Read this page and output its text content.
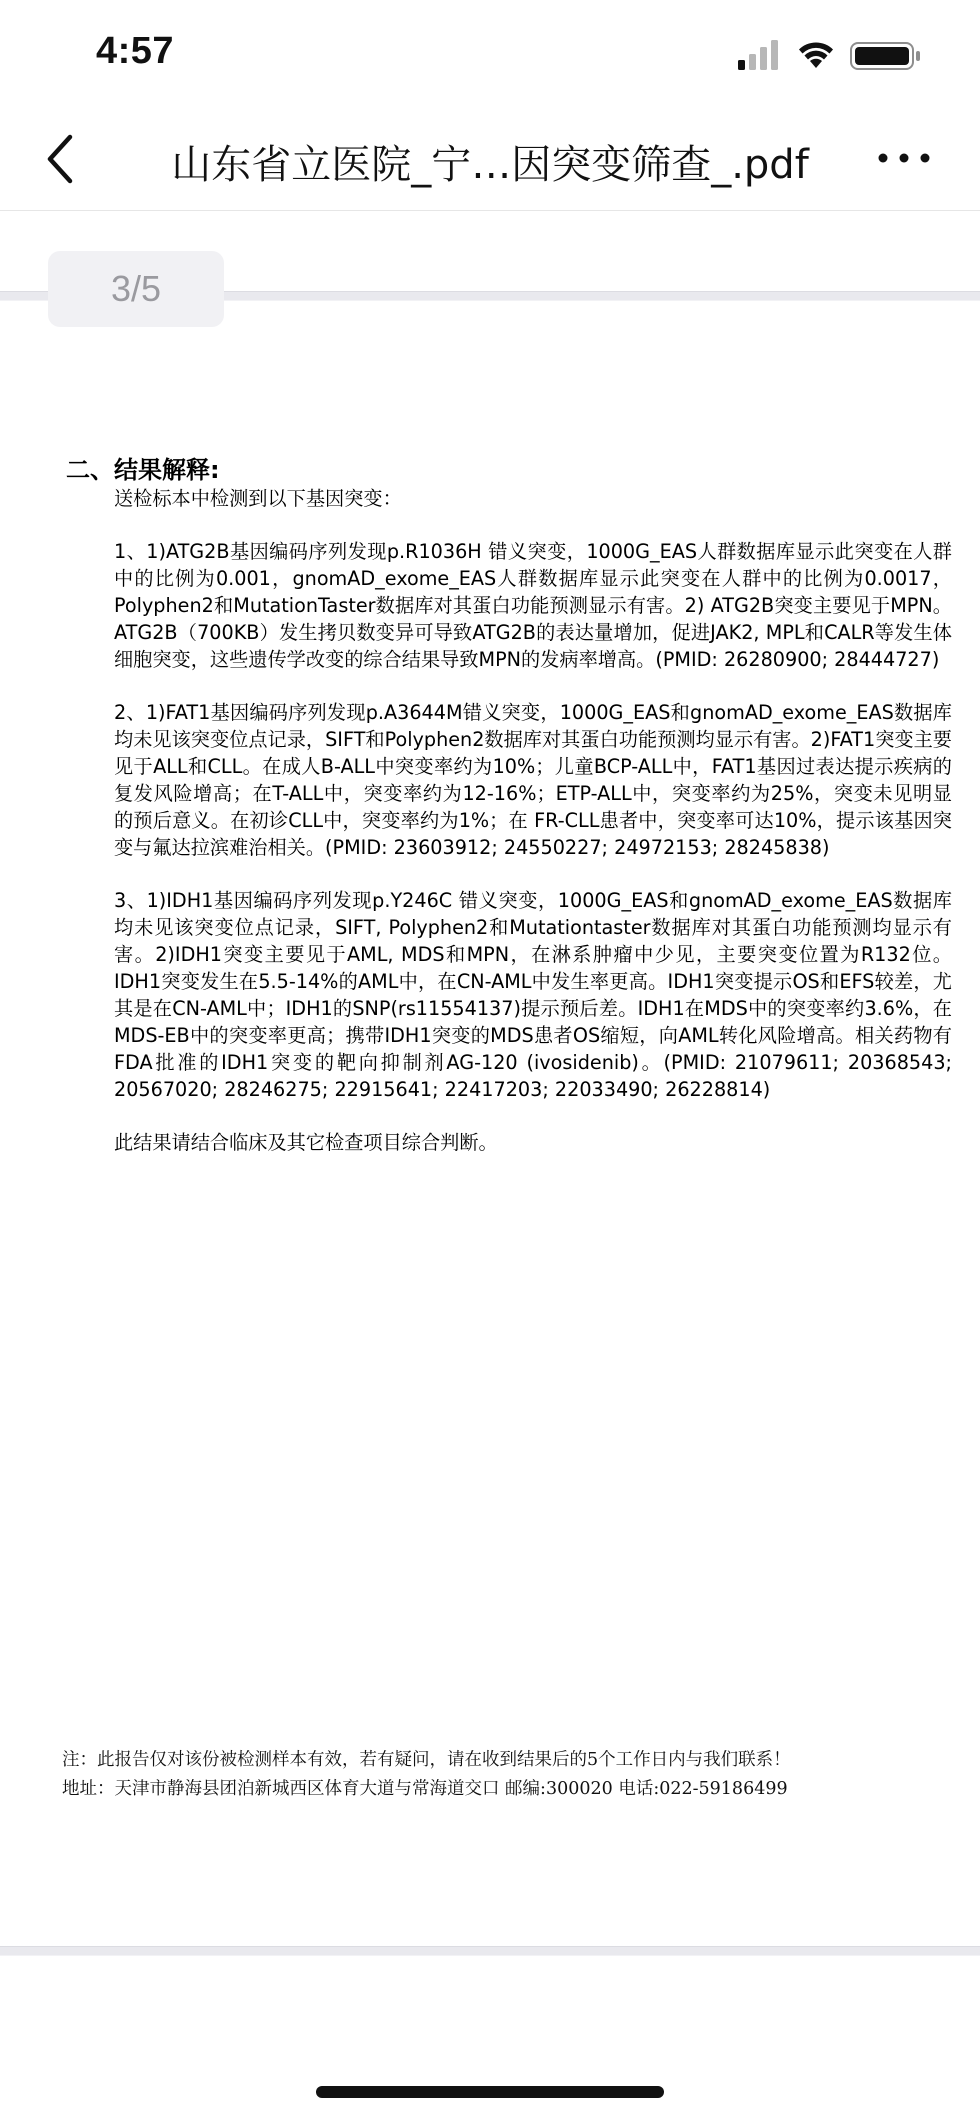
4:57
山东省立医院_宁…因突变筛查_.pdf
3/5
二、结果解释:
送检标本中检测到以下基因突变：
1、1)ATG2B基因编码序列发现p.R1036H 错义突变，1000G_EAS人群数据库显示此突变在人群中的比例为0.001，gnomAD_exome_EAS人群数据库显示此突变在人群中的比例为0.0017，Polyphen2和MutationTaster数据库对其蛋白功能预测显示有害。2) ATG2B突变主要见于MPN。ATG2B（700KB）发生拷贝数变异可导致ATG2B的表达量增加，促进JAK2, MPL和CALR等发生体细胞突变，这些遗传学改变的综合结果导致MPN的发病率增高。(PMID: 26280900; 28444727)
2、1)FAT1基因编码序列发现p.A3644M错义突变，1000G_EAS和gnomAD_exome_EAS数据库均未见该突变位点记录，SIFT和Polyphen2数据库对其蛋白功能预测均显示有害。2)FAT1突变主要见于ALL和CLL。在成人B-ALL中突变率约为10%；儿童BCP-ALL中，FAT1基因过表达提示疾病的复发风险增高；在T-ALL中，突变率约为12-16%；ETP-ALL中，突变率约为25%，突变未见明显的预后意义。在初诊CLL中，突变率约为1%；在 FR-CLL患者中，突变率可达10%，提示该基因突变与氟达拉滨难治相关。(PMID: 23603912; 24550227; 24972153; 28245838)
3、1)IDH1基因编码序列发现p.Y246C 错义突变，1000G_EAS和gnomAD_exome_EAS数据库均未见该突变位点记录，SIFT, Polyphen2和Mutationtaster数据库对其蛋白功能预测均显示有害。2)IDH1突变主要见于AML, MDS和MPN，在淋系肿瘤中少见，主要突变位置为R132位。IDH1突变发生在5.5-14%的AML中，在CN-AML中发生率更高。IDH1突变提示OS和EFS较差，尤其是在CN-AML中；IDH1的SNP(rs11554137)提示预后差。IDH1在MDS中的突变率约3.6%，在MDS-EB中的突变率更高；携带IDH1突变的MDS患者OS缩短，向AML转化风险增高。相关药物有FDA批准的IDH1突变的靶向抑制剂AG-120 (ivosidenib)。(PMID: 21079611; 20368543; 20567020; 28246275; 22915641; 22417203; 22033490; 26228814)
此结果请结合临床及其它检查项目综合判断。
注：此报告仅对该份被检测样本有效，若有疑问，请在收到结果后的5个工作日内与我们联系！
地址：天津市静海县团泊新城西区体育大道与常海道交口 邮编:300020 电话:022-59186499
